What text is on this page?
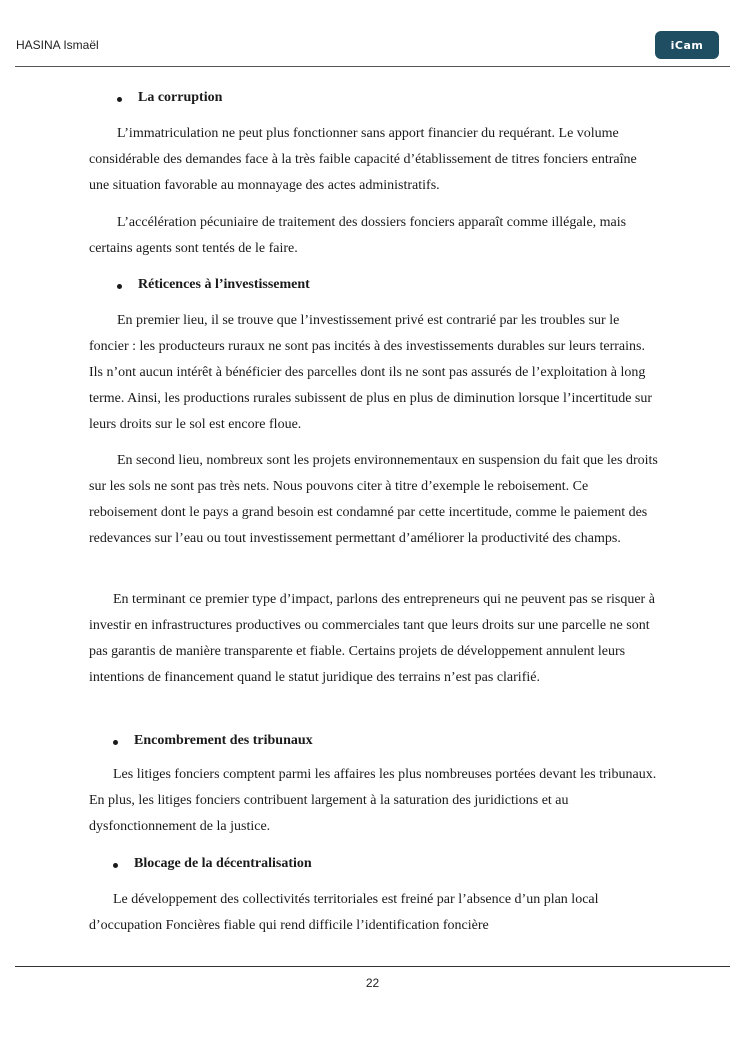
HASINA Ismaël	iCam
La corruption
L’immatriculation ne peut plus fonctionner sans apport financier du requérant. Le volume considérable des demandes face à la très faible capacité d’établissement de titres fonciers entraîne une situation favorable au monnayage des actes administratifs.
L’accélération pécuniaire de traitement des dossiers fonciers apparaît comme illégale, mais certains agents sont tentés de le faire.
Réticences à l’investissement
En premier lieu, il se trouve que l’investissement privé est contrarié par les troubles sur le foncier : les producteurs ruraux ne sont pas incités à des investissements durables sur leurs terrains. Ils n’ont aucun intérêt à bénéficier des parcelles dont ils ne sont pas assurés de l’exploitation à long terme. Ainsi, les productions rurales subissent de plus en plus de diminution lorsque l’incertitude sur leurs droits sur le sol est encore floue.
En second lieu, nombreux sont les projets environnementaux en suspension du fait que les droits sur les sols ne sont pas très nets. Nous pouvons citer à titre d’exemple le reboisement. Ce reboisement dont le pays a grand besoin est condamné par cette incertitude, comme le paiement des redevances sur l’eau ou tout investissement permettant d’améliorer la productivité des champs.
En terminant ce premier type d’impact, parlons des entrepreneurs qui ne peuvent pas se risquer à investir en infrastructures productives ou commerciales tant que leurs droits sur une parcelle ne sont pas garantis de manière transparente et fiable. Certains projets de développement annulent leurs intentions de financement quand le statut juridique des terrains n’est pas clarifié.
Encombrement des tribunaux
Les litiges fonciers comptent parmi les affaires les plus nombreuses portées devant les tribunaux. En plus, les litiges fonciers contribuent largement à la saturation des juridictions et au dysfonctionnement de la justice.
Blocage de la décentralisation
Le développement des collectivités territoriales est freiné par l’absence d’un plan local d’occupation Foncières fiable qui rend difficile l’identification foncière
22
